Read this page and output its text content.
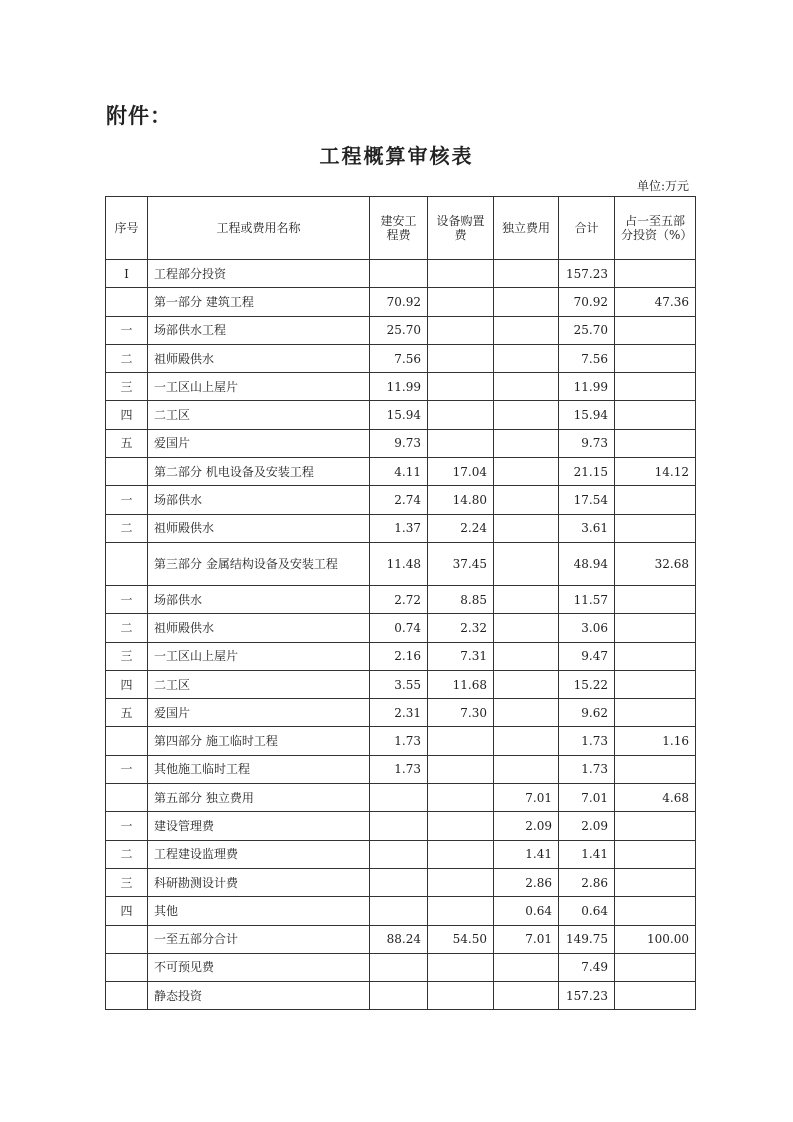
附件：
工程概算审核表
单位:万元
序号	工程或费用名称	建安工程费	设备购置费	独立费用	合计	占一至五部分投资（%）
I	工程部分投资				157.23	
	第一部分 建筑工程	70.92			70.92	47.36
一	场部供水工程	25.70			25.70	
二	祖师殿供水	7.56			7.56	
三	一工区山上屋片	11.99			11.99	
四	二工区	15.94			15.94	
五	爱国片	9.73			9.73	
	第二部分 机电设备及安装工程	4.11	17.04		21.15	14.12
一	场部供水	2.74	14.80		17.54	
二	祖师殿供水	1.37	2.24		3.61	
	第三部分 金属结构设备及安装工程	11.48	37.45		48.94	32.68
一	场部供水	2.72	8.85		11.57	
二	祖师殿供水	0.74	2.32		3.06	
三	一工区山上屋片	2.16	7.31		9.47	
四	二工区	3.55	11.68		15.22	
五	爱国片	2.31	7.30		9.62	
	第四部分 施工临时工程	1.73			1.73	1.16
一	其他施工临时工程	1.73			1.73	
	第五部分 独立费用			7.01	7.01	4.68
一	建设管理费			2.09	2.09	
二	工程建设监理费			1.41	1.41	
三	科研勘测设计费			2.86	2.86	
四	其他			0.64	0.64	
	一至五部分合计	88.24	54.50	7.01	149.75	100.00
	不可预见费				7.49	
	静态投资				157.23	
